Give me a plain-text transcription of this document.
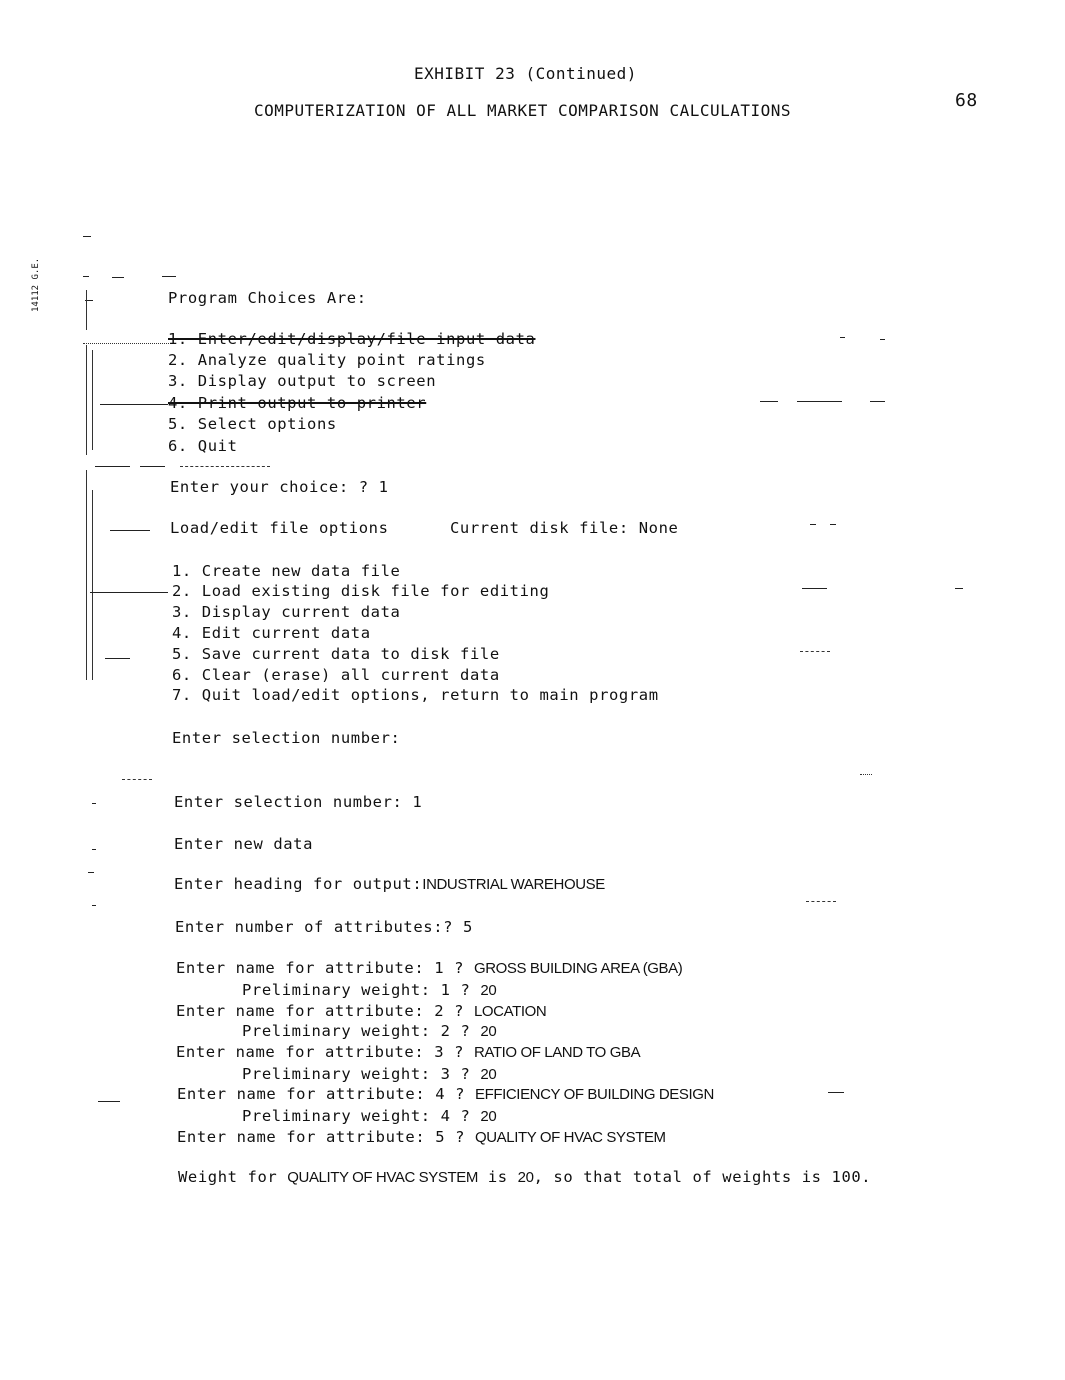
EXHIBIT 23 (Continued)
COMPUTERIZATION OF ALL MARKET COMPARISON CALCULATIONS	68
14112 G.E.	Program Choices Are:
1. Enter/edit/display/file input data
2. Analyze quality point ratings
3. Display output to screen
4. Print output to printer
5. Select options
6. Quit
Enter your choice: ? 1
Load/edit file options	Current disk file: None
1. Create new data file
2. Load existing disk file for editing
3. Display current data
4. Edit current data
5. Save current data to disk file
6. Clear (erase) all current data
7. Quit load/edit options, return to main program
Enter selection number:
Enter selection number: 1
Enter new data
Enter heading for output:INDUSTRIAL WAREHOUSE
Enter number of attributes:? 5
Enter name for attribute: 1 ? GROSS BUILDING AREA (GBA)
Preliminary weight: 1 ? 20
Enter name for attribute: 2 ? LOCATION
Preliminary weight: 2 ? 20
Enter name for attribute: 3 ? RATIO OF LAND TO GBA
Preliminary weight: 3 ? 20
Enter name for attribute: 4 ? EFFICIENCY OF BUILDING DESIGN
Preliminary weight: 4 ? 20
Enter name for attribute: 5 ? QUALITY OF HVAC SYSTEM
Weight for QUALITY OF HVAC SYSTEM is 20, so that total of weights is 100.
